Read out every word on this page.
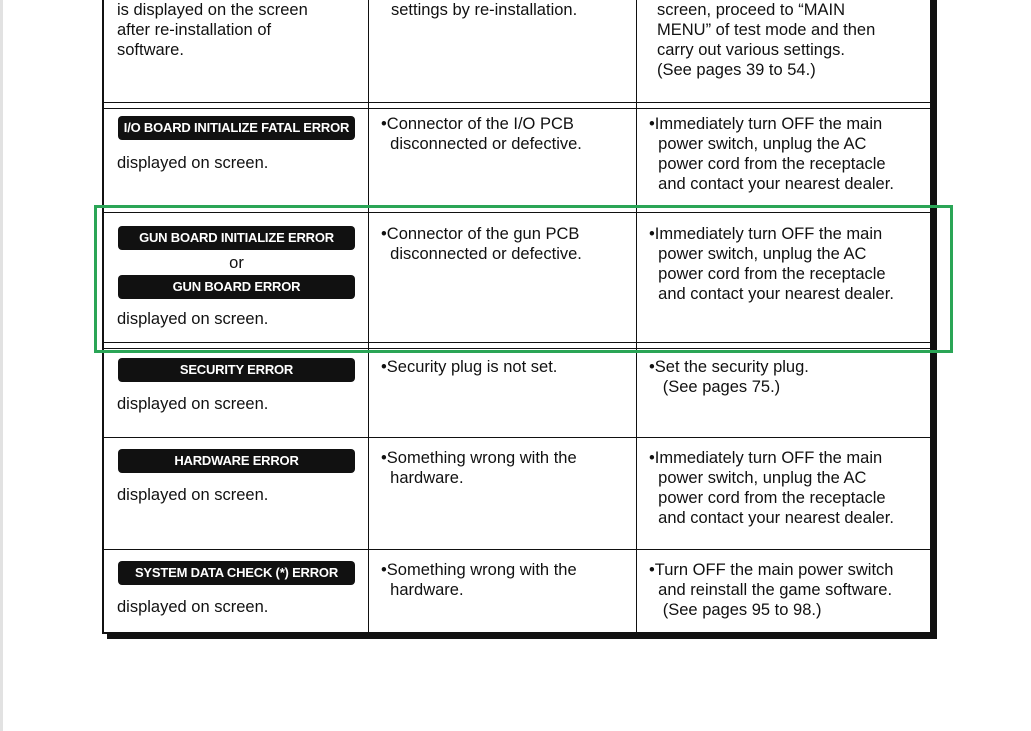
is displayed on the screen
after re-installation of
software.
settings by re-installation.	screen, proceed to “MAIN
MENU” of test mode and then
carry out various settings.
(See pages 39 to 54.)
I/O BOARD INITIALIZE FATAL ERROR
displayed on screen.
•Connector of the I/O PCB
disconnected or defective.
•Immediately turn OFF the main
power switch, unplug the AC
power cord from the receptacle
and contact your nearest dealer.
GUN BOARD INITIALIZE ERROR
or
GUN BOARD ERROR
displayed on screen.
•Connector of the gun PCB
disconnected or defective.
•Immediately turn OFF the main
power switch, unplug the AC
power cord from the receptacle
and contact your nearest dealer.
SECURITY ERROR
displayed on screen.
•Security plug is not set.	•Set the security plug.
(See pages 75.)
HARDWARE ERROR
displayed on screen.
•Something wrong with the
hardware.
•Immediately turn OFF the main
power switch, unplug the AC
power cord from the receptacle
and contact your nearest dealer.
SYSTEM DATA CHECK (*) ERROR
displayed on screen.
•Something wrong with the
hardware.
•Turn OFF the main power switch
and reinstall the game software.
(See pages 95 to 98.)
